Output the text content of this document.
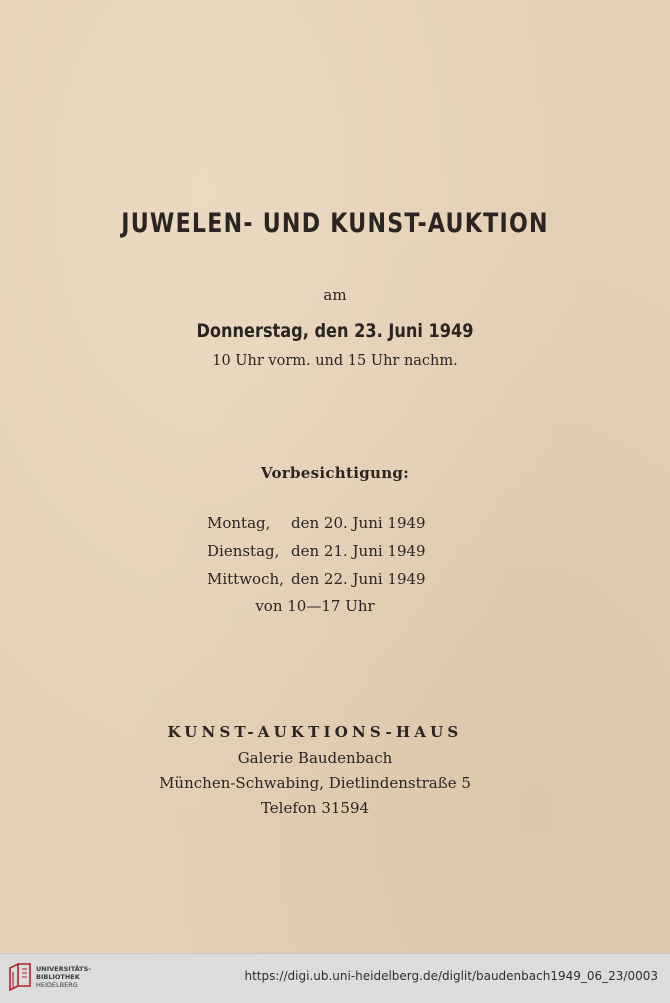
JUWELEN- UND KUNST-AUKTION
am
Donnerstag, den 23. Juni 1949
10 Uhr vorm. und 15 Uhr nachm.
Vorbesichtigung:
Montag, den 20. Juni 1949
Dienstag, den 21. Juni 1949
Mittwoch, den 22. Juni 1949
von 10—17 Uhr
KUNST-AUKTIONS-HAUS
Galerie Baudenbach
München-Schwabing, Dietlindenstraße 5
Telefon 31594
UNIVERSITÄTS-
BIBLIOTHEK
HEIDELBERG
https://digi.ub.uni-heidelberg.de/diglit/baudenbach1949_06_23/0003
